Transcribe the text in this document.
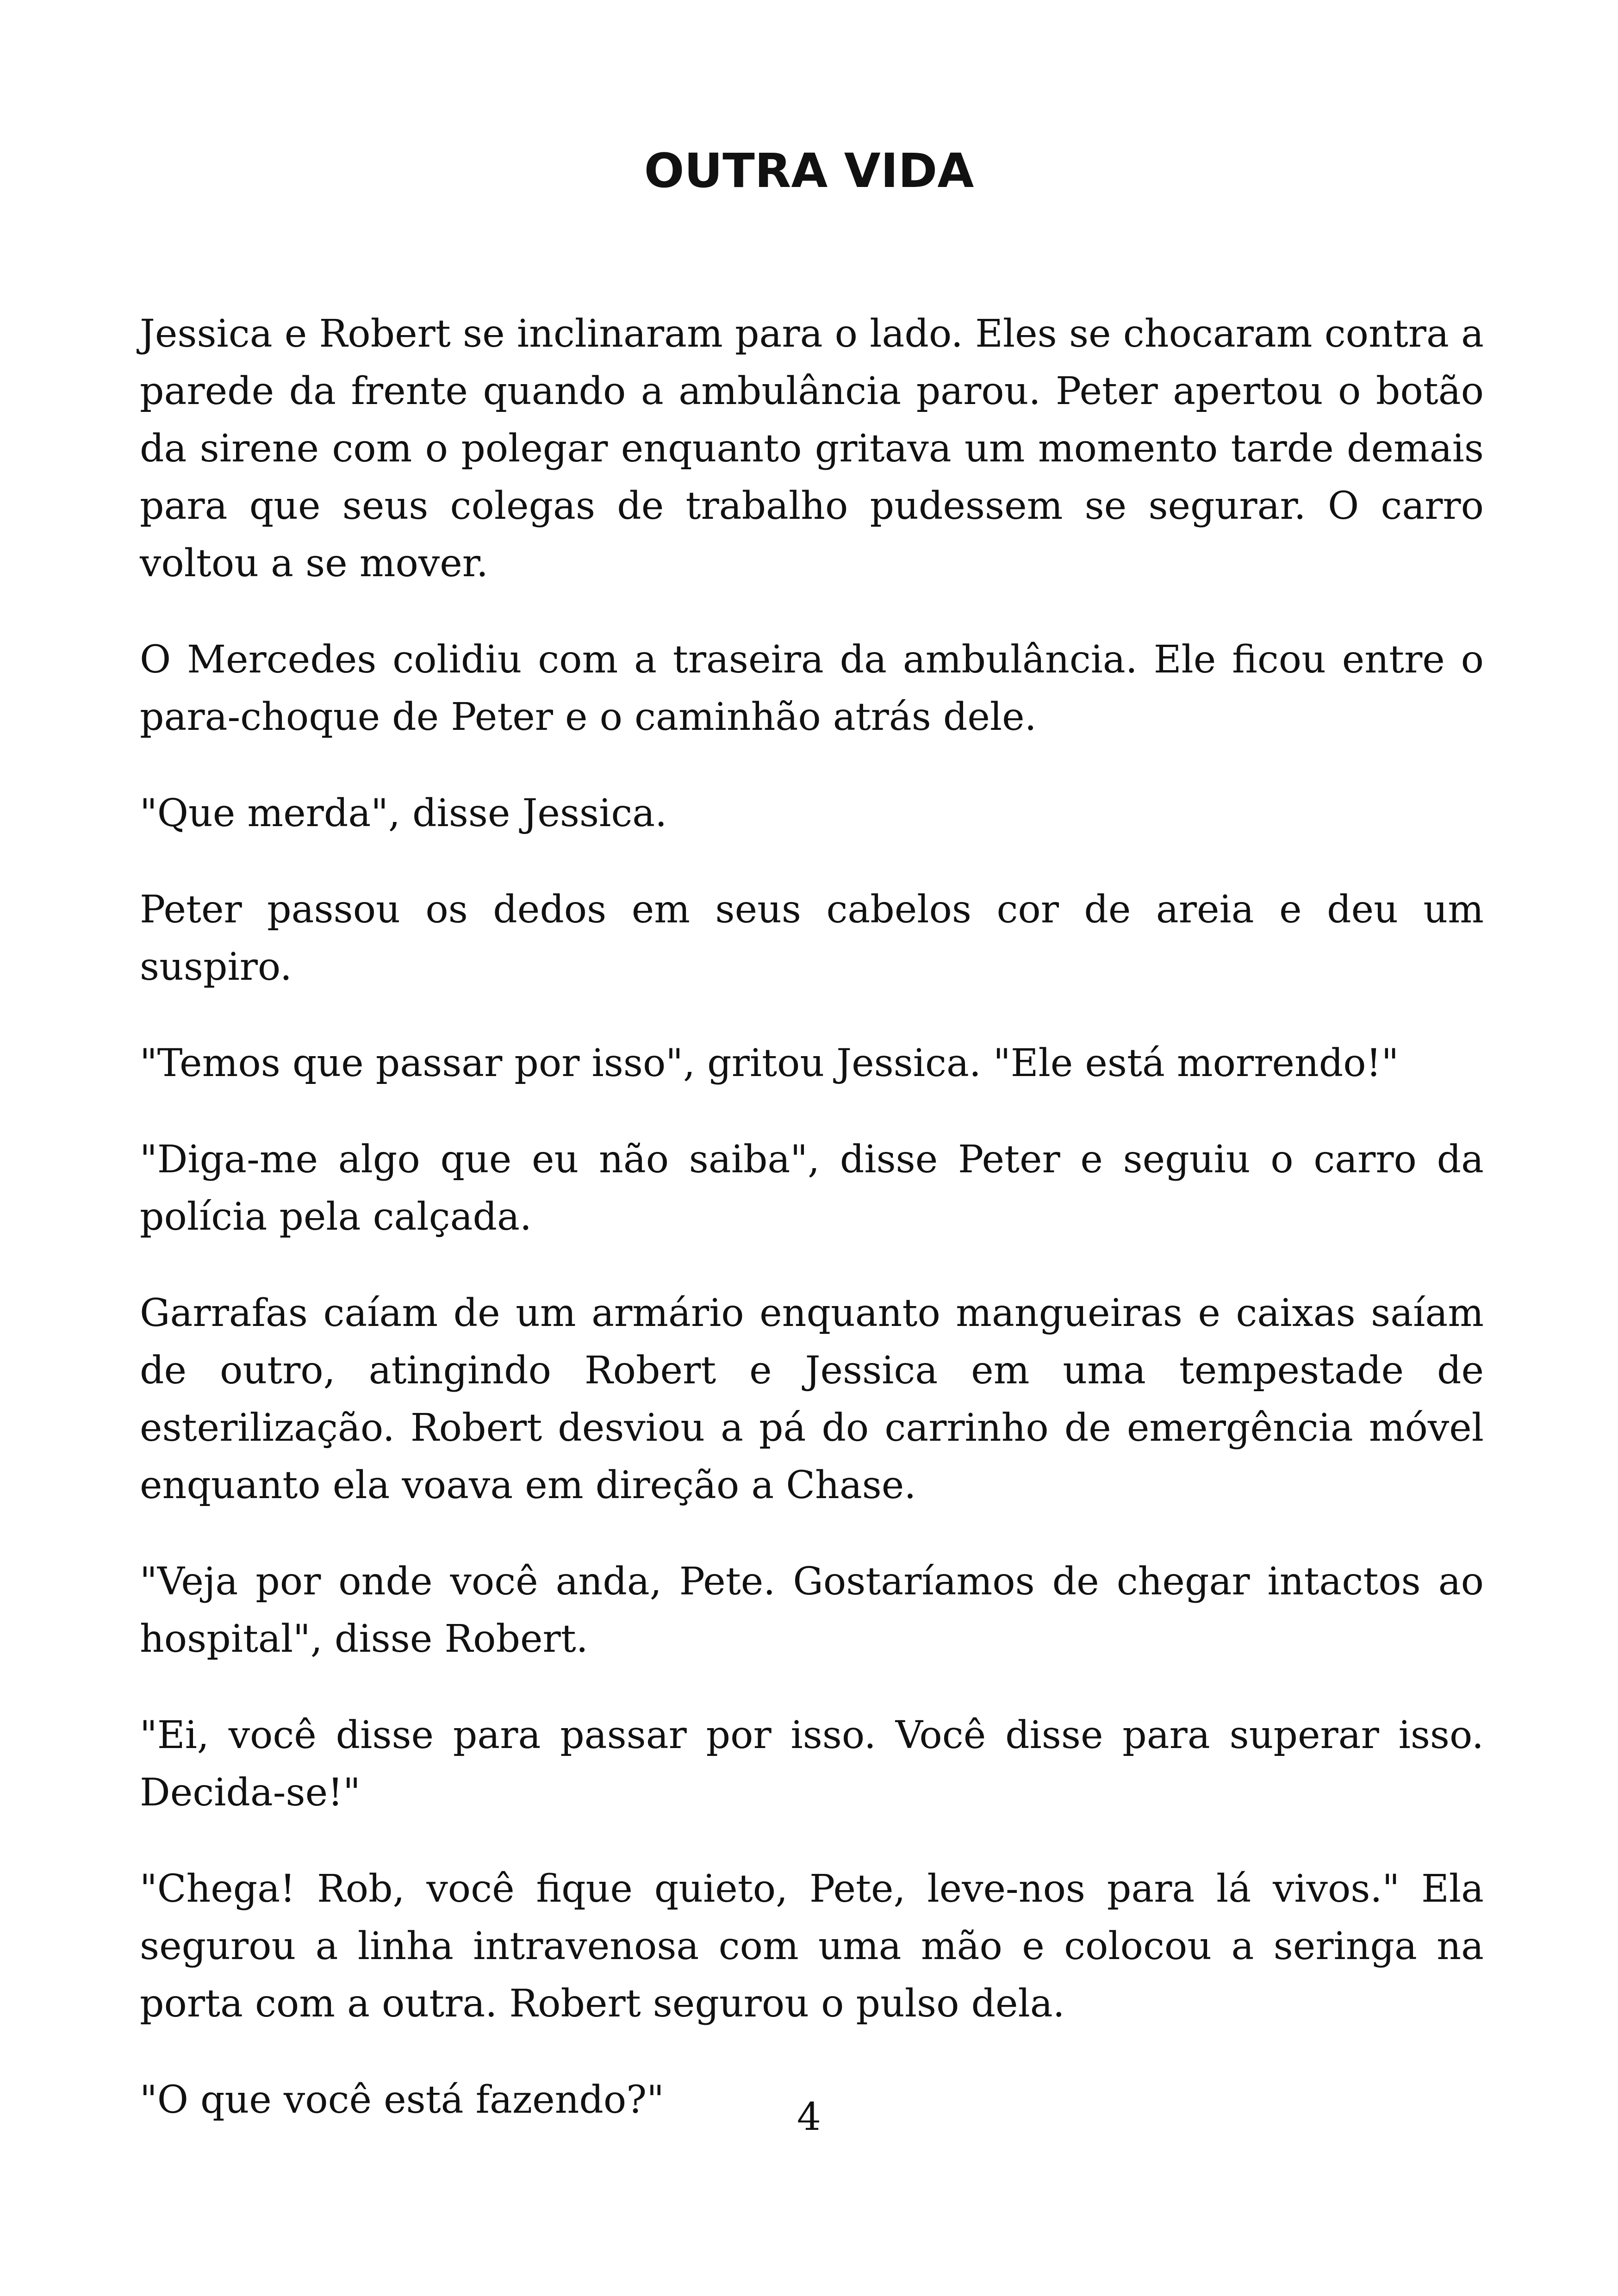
OUTRA VIDA

Jessica e Robert se inclinaram para o lado. Eles se chocaram contra a parede da frente quando a ambulância parou. Peter apertou o botão da sirene com o polegar enquanto gritava um momento tarde demais para que seus colegas de trabalho pudessem se segurar. O carro voltou a se mover.

O Mercedes colidiu com a traseira da ambulância. Ele ficou entre o para-choque de Peter e o caminhão atrás dele.

"Que merda", disse Jessica.

Peter passou os dedos em seus cabelos cor de areia e deu um suspiro.

"Temos que passar por isso", gritou Jessica. "Ele está morrendo!"

"Diga-me algo que eu não saiba", disse Peter e seguiu o carro da polícia pela calçada.

Garrafas caíam de um armário enquanto mangueiras e caixas saíam de outro, atingindo Robert e Jessica em uma tempestade de esterilização. Robert desviou a pá do carrinho de emergência móvel enquanto ela voava em direção a Chase.

"Veja por onde você anda, Pete. Gostaríamos de chegar intactos ao hospital", disse Robert.

"Ei, você disse para passar por isso. Você disse para superar isso. Decida-se!"

"Chega! Rob, você fique quieto, Pete, leve-nos para lá vivos." Ela segurou a linha intravenosa com uma mão e colocou a seringa na porta com a outra. Robert segurou o pulso dela.

"O que você está fazendo?"	4
